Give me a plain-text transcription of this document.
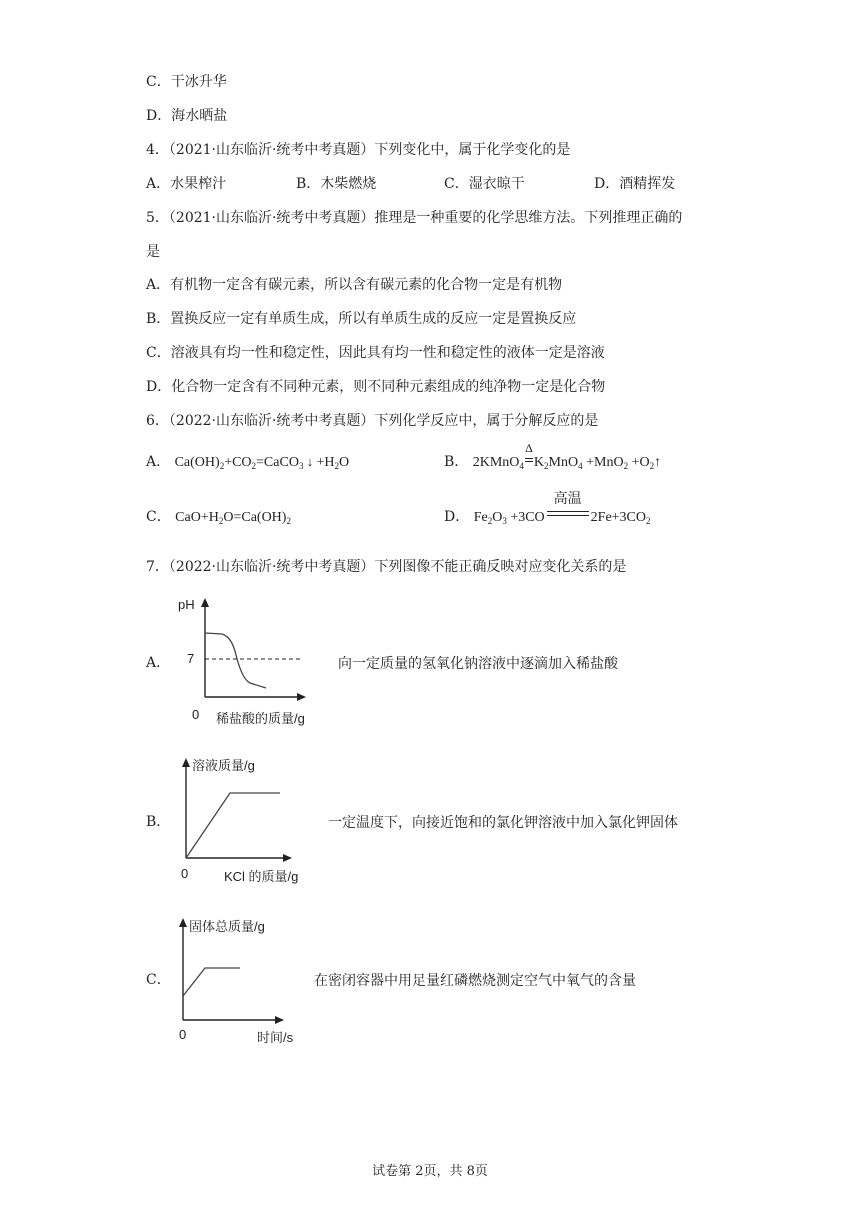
C．干冰升华
D．海水晒盐
4．（2021·山东临沂·统考中考真题）下列变化中，属于化学变化的是
A．水果榨汁	B．木柴燃烧	C．湿衣晾干	D．酒精挥发
5．（2021·山东临沂·统考中考真题）推理是一种重要的化学思维方法。下列推理正确的
是
A．有机物一定含有碳元素，所以含有碳元素的化合物一定是有机物
B．置换反应一定有单质生成，所以有单质生成的反应一定是置换反应
C．溶液具有均一性和稳定性，因此具有均一性和稳定性的液体一定是溶液
D．化合物一定含有不同种元素，则不同种元素组成的纯净物一定是化合物
6．（2022·山东临沂·统考中考真题）下列化学反应中，属于分解反应的是
A． $Ca(OH)_2+CO_2=CaCO_3$ ↓ $+H_2O$	B． 2KMnO$_4$
Δ
$K_2MnO_4 +MnO_2$ $+O_2↑$
C． $CaO+H_2O=Ca(OH)_2$	D． $Fe_2O_3 +3CO$
高温
$2Fe+3CO_2$
7．（2022·山东临沂·统考中考真题）下列图像不能正确反映对应变化关系的是
A．
pH
7
0 稀盐酸的质量/g
向一定质量的氢氧化钠溶液中逐滴加入稀盐酸
B．
溶液质量/g
0	KCl 的质量/g
一定温度下，向接近饱和的氯化钾溶液中加入氯化钾固体
C．
固体总质量/g
0	时间/s
在密闭容器中用足量红磷燃烧测定空气中氧气的含量
试卷第 2页，共 8页
